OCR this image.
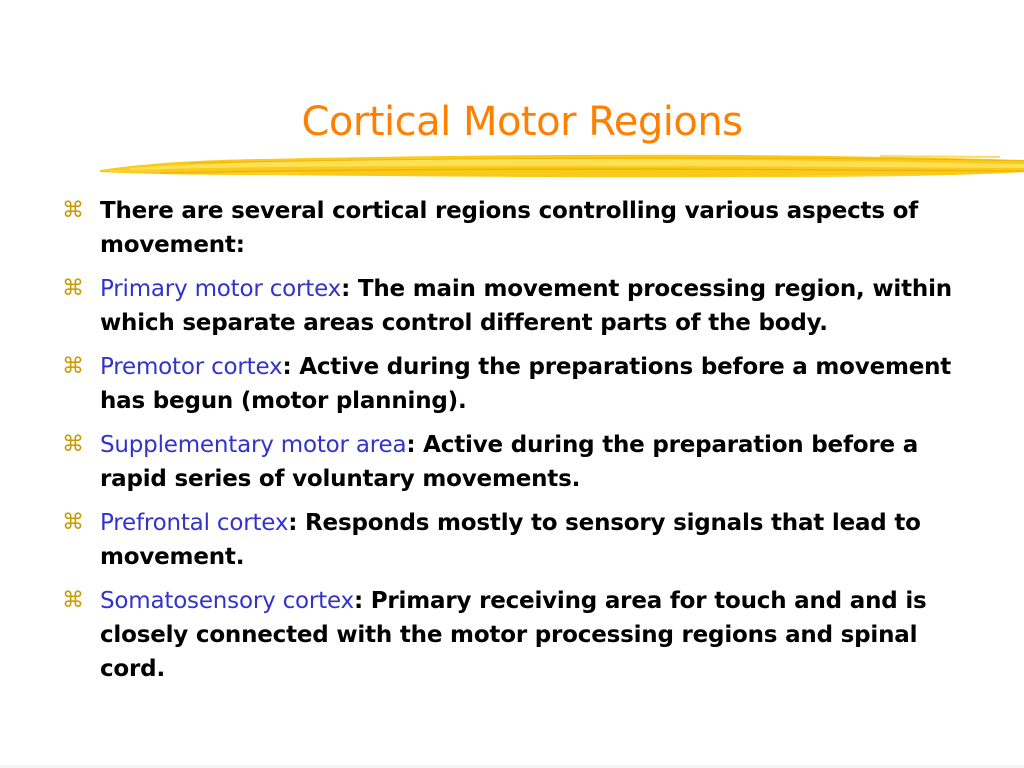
Cortical Motor Regions
⌘ There are several cortical regions controlling various aspects of movement:
⌘ Primary motor cortex: The main movement processing region, within which separate areas control different parts of the body.
⌘ Premotor cortex: Active during the preparations before a movement has begun (motor planning).
⌘ Supplementary motor area: Active during the preparation before a rapid series of voluntary movements.
⌘ Prefrontal cortex: Responds mostly to sensory signals that lead to movement.
⌘ Somatosensory cortex: Primary receiving area for touch and and is closely connected with the motor processing regions and spinal cord.
